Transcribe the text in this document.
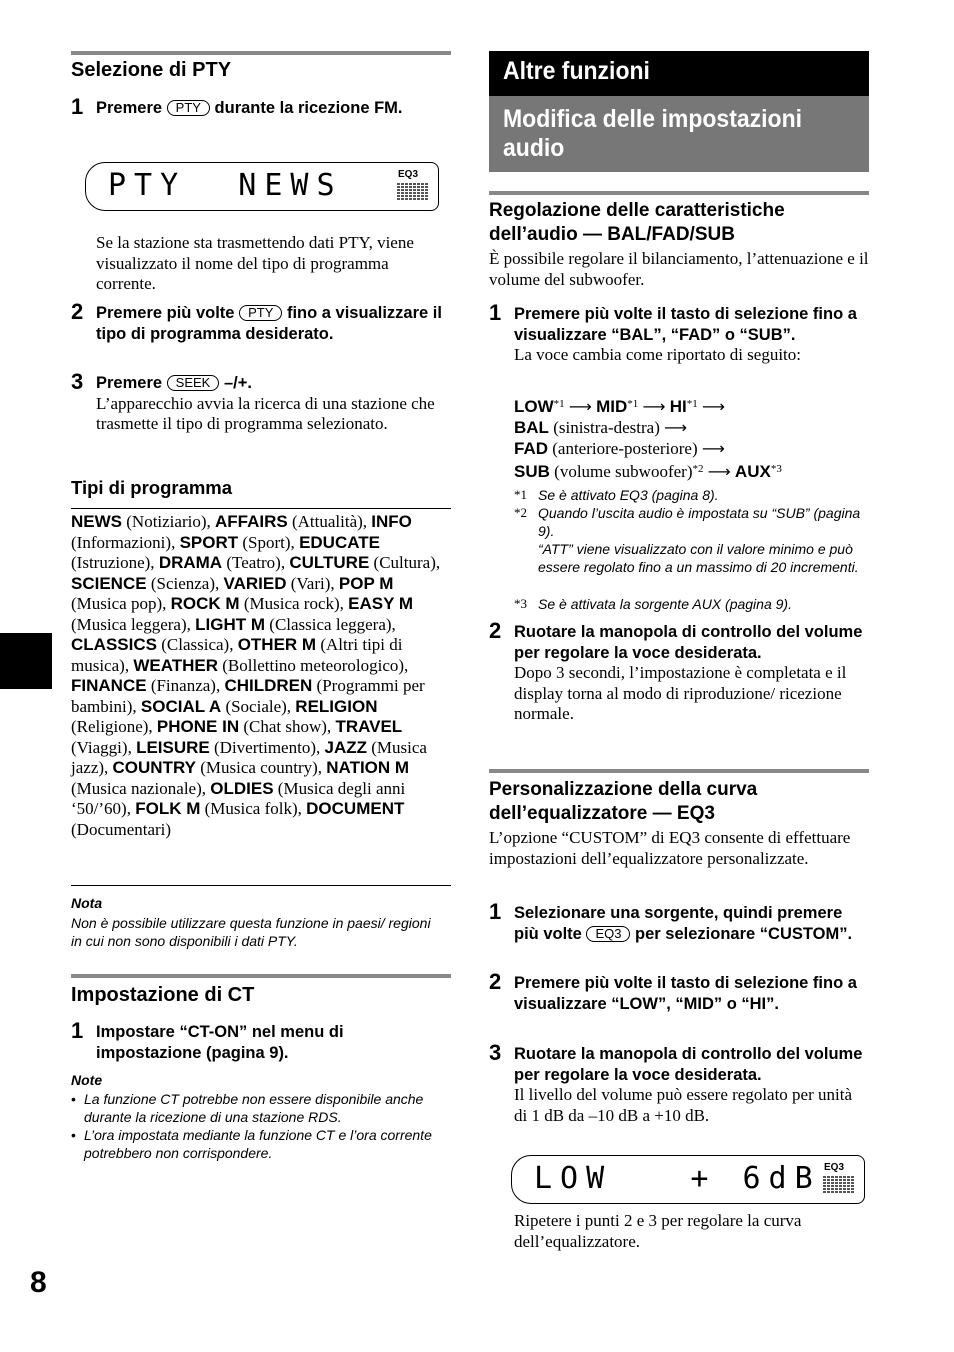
8
Selezione di PTY
1 Premere PTY durante la ricezione FM.
PTY  NEWS	EQ3
Se la stazione sta trasmettendo dati PTY, viene visualizzato il nome del tipo di programma corrente.
2 Premere più volte PTY fino a visualizzare il tipo di programma desiderato.
3 Premere SEEK –/+.
L’apparecchio avvia la ricerca di una stazione che trasmette il tipo di programma selezionato.
Tipi di programma
NEWS (Notiziario), AFFAIRS (Attualità), INFO (Informazioni), SPORT (Sport), EDUCATE (Istruzione), DRAMA (Teatro), CULTURE (Cultura), SCIENCE (Scienza), VARIED (Vari), POP M (Musica pop), ROCK M (Musica rock), EASY M (Musica leggera), LIGHT M (Classica leggera), CLASSICS (Classica), OTHER M (Altri tipi di musica), WEATHER (Bollettino meteorologico), FINANCE (Finanza), CHILDREN (Programmi per bambini), SOCIAL A (Sociale), RELIGION (Religione), PHONE IN (Chat show), TRAVEL (Viaggi), LEISURE (Divertimento), JAZZ (Musica jazz), COUNTRY (Musica country), NATION M (Musica nazionale), OLDIES (Musica degli anni ‘50/’60), FOLK M (Musica folk), DOCUMENT (Documentari)
Nota
Non è possibile utilizzare questa funzione in paesi/ regioni in cui non sono disponibili i dati PTY.
Impostazione di CT
1 Impostare “CT-ON” nel menu di impostazione (pagina 9).
Note
• La funzione CT potrebbe non essere disponibile anche durante la ricezione di una stazione RDS.
• L’ora impostata mediante la funzione CT e l’ora corrente potrebbero non corrispondere.
Altre funzioni
Modifica delle impostazioni audio
Regolazione delle caratteristiche dell’audio — BAL/FAD/SUB
È possibile regolare il bilanciamento, l’attenuazione e il volume del subwoofer.
1 Premere più volte il tasto di selezione fino a visualizzare “BAL”, “FAD” o “SUB”.
La voce cambia come riportato di seguito:
LOW$^{*1}$ ⟶ MID$^{*1}$ ⟶ HI$^{*1}$ ⟶
BAL (sinistra-destra) ⟶
FAD (anteriore-posteriore) ⟶
SUB (volume subwoofer)$^{*2}$ ⟶ AUX$^{*3}$
*1 Se è attivato EQ3 (pagina 8).
*2 Quando l’uscita audio è impostata su “SUB” (pagina 9).
“ATT” viene visualizzato con il valore minimo e può essere regolato fino a un massimo di 20 incrementi.
*3 Se è attivata la sorgente AUX (pagina 9).
2 Ruotare la manopola di controllo del volume per regolare la voce desiderata.
Dopo 3 secondi, l’impostazione è completata e il display torna al modo di riproduzione/ ricezione normale.
Personalizzazione della curva dell’equalizzatore — EQ3
L’opzione “CUSTOM” di EQ3 consente di effettuare impostazioni dell’equalizzatore personalizzate.
1 Selezionare una sorgente, quindi premere più volte EQ3 per selezionare “CUSTOM”.
2 Premere più volte il tasto di selezione fino a visualizzare “LOW”, “MID” o “HI”.
3 Ruotare la manopola di controllo del volume per regolare la voce desiderata.
Il livello del volume può essere regolato per unità di 1 dB da –10 dB a +10 dB.
LOW   + 6dB EQ3
Ripetere i punti 2 e 3 per regolare la curva dell’equalizzatore.
